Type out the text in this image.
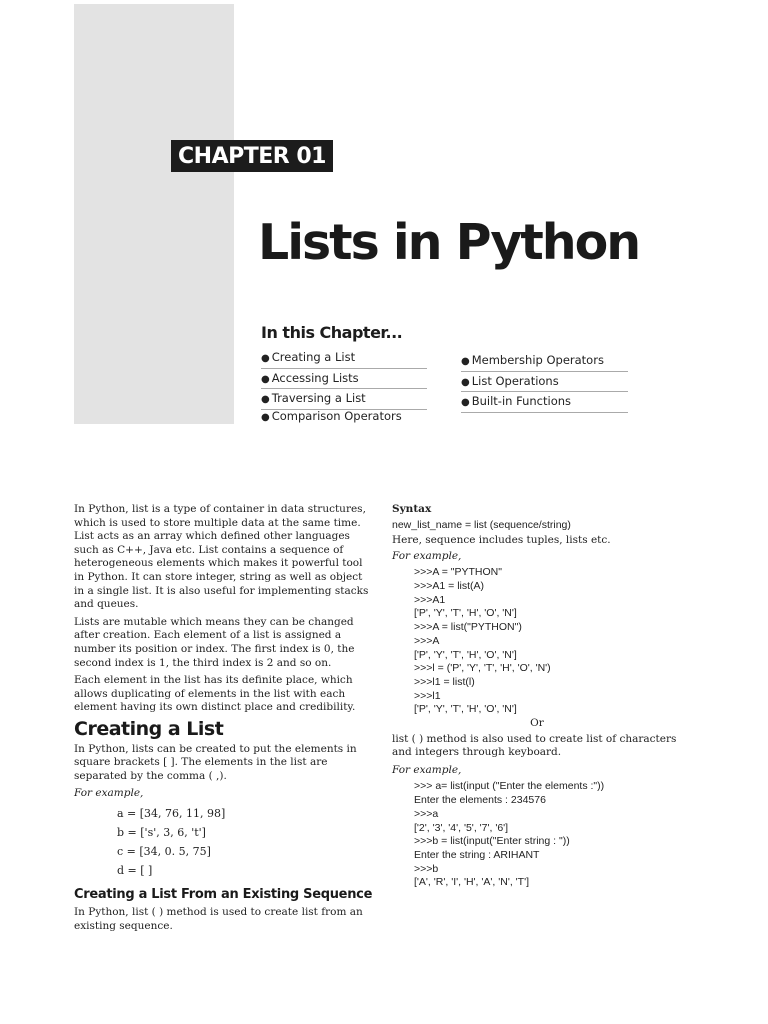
CHAPTER 01
Lists in Python
In this Chapter...
● Creating a List
● Accessing Lists
● Traversing a List
● Comparison Operators
● Membership Operators
● List Operations
● Built-in Functions

In Python, list is a type of container in data structures, which is used to store multiple data at the same time. List acts as an array which defined other languages such as C++, Java etc. List contains a sequence of heterogeneous elements which makes it powerful tool in Python. It can store integer, string as well as object in a single list. It is also useful for implementing stacks and queues.

Lists are mutable which means they can be changed after creation. Each element of a list is assigned a number its position or index. The first index is 0, the second index is 1, the third index is 2 and so on.

Each element in the list has its definite place, which allows duplicating of elements in the list with each element having its own distinct place and credibility.

Creating a List

In Python, lists can be created to put the elements in square brackets [ ]. The elements in the list are separated by the comma ( ,).

For example,
a = [34, 76, 11, 98]
b = ['s', 3, 6, 't']
c = [34, 0. 5, 75]
d = [ ]
Creating a List From an Existing Sequence

In Python, list ( ) method is used to create list from an existing sequence.

Syntax
new_list_name = list (sequence/string)
Here, sequence includes tuples, lists etc.
For example,
>>>A = "PYTHON"
>>>A1 = list(A)
>>>A1
['P', 'Y', 'T', 'H', 'O', 'N']
>>>A = list("PYTHON")
>>>A
['P', 'Y', 'T', 'H', 'O', 'N']
>>>l = ('P', 'Y', 'T', 'H', 'O', 'N')
>>>l1 = list(l)
>>>l1
['P', 'Y', 'T', 'H', 'O', 'N']
Or

list ( ) method is also used to create list of characters and integers through keyboard.

For example,
>>> a= list(input ("Enter the elements :"))
Enter the elements : 234576
>>>a
['2', '3', '4', '5', '7', '6']
>>>b = list(input("Enter string : "))
Enter the string : ARIHANT
>>>b
['A', 'R', 'I', 'H', 'A', 'N', 'T']
